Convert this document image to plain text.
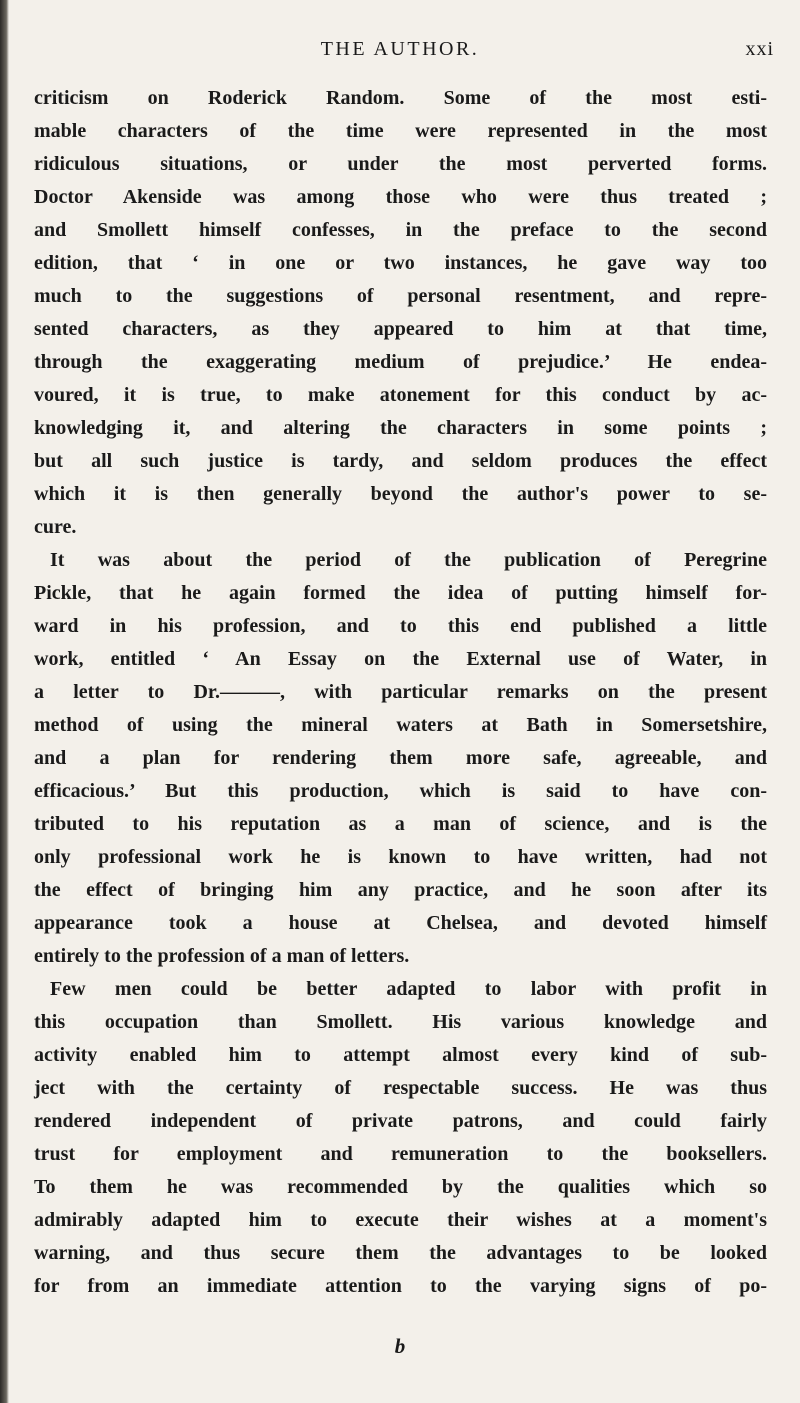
THE AUTHOR.	xxi
criticism on Roderick Random. Some of the most esti-
mable characters of the time were represented in the most
ridiculous situations, or under the most perverted forms.
Doctor Akenside was among those who were thus treated ;
and Smollett himself confesses, in the preface to the second
edition, that ‘ in one or two instances, he gave way too
much to the suggestions of personal resentment, and repre-
sented characters, as they appeared to him at that time,
through the exaggerating medium of prejudice.’ He endea-
voured, it is true, to make atonement for this conduct by ac-
knowledging it, and altering the characters in some points ;
but all such justice is tardy, and seldom produces the effect
which it is then generally beyond the author's power to se-
cure.
It was about the period of the publication of Peregrine
Pickle, that he again formed the idea of putting himself for-
ward in his profession, and to this end published a little
work, entitled ‘ An Essay on the External use of Water, in
a letter to Dr.———, with particular remarks on the present
method of using the mineral waters at Bath in Somersetshire,
and a plan for rendering them more safe, agreeable, and
efficacious.’ But this production, which is said to have con-
tributed to his reputation as a man of science, and is the
only professional work he is known to have written, had not
the effect of bringing him any practice, and he soon after its
appearance took a house at Chelsea, and devoted himself
entirely to the profession of a man of letters.
Few men could be better adapted to labor with profit in
this occupation than Smollett. His various knowledge and
activity enabled him to attempt almost every kind of sub-
ject with the certainty of respectable success. He was thus
rendered independent of private patrons, and could fairly
trust for employment and remuneration to the booksellers.
To them he was recommended by the qualities which so
admirably adapted him to execute their wishes at a moment's
warning, and thus secure them the advantages to be looked
for from an immediate attention to the varying signs of po-
b
